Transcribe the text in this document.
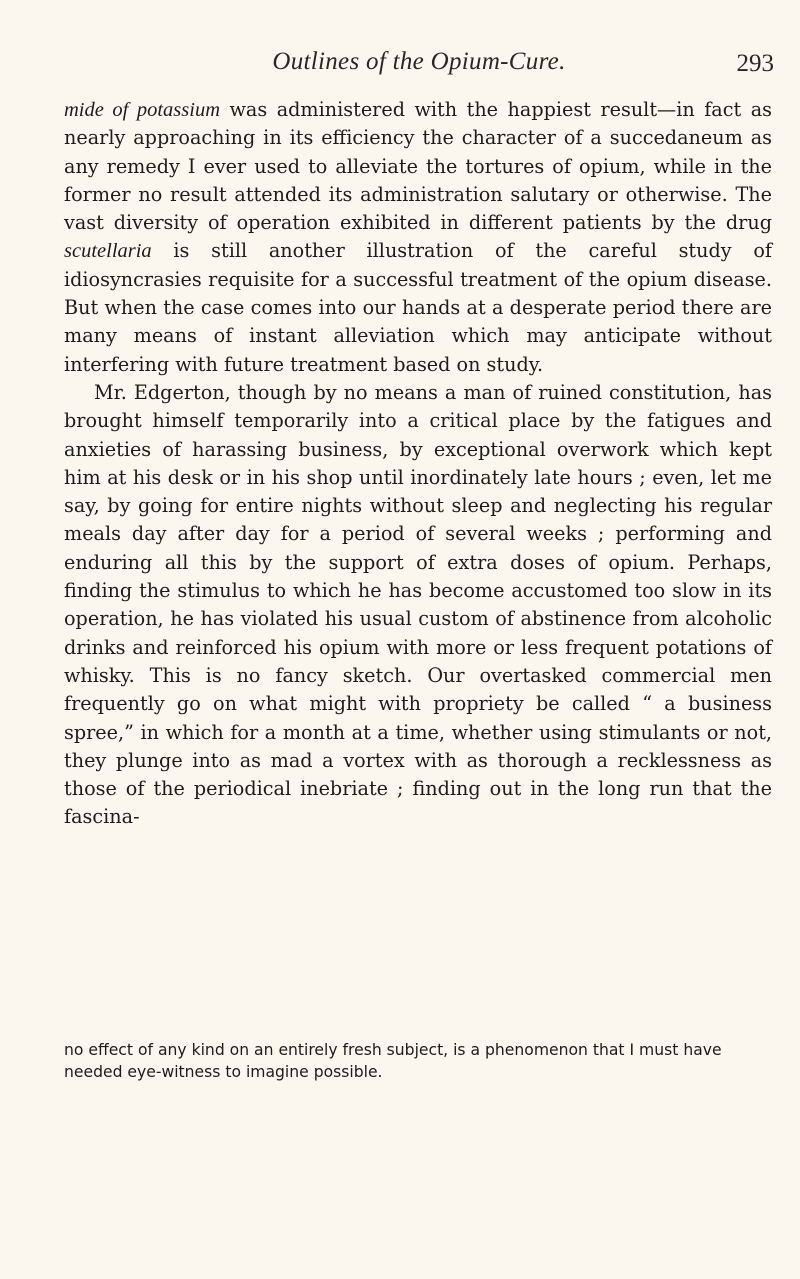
Outlines of the Opium-Cure.	293

mide of potassium was administered with the happiest result—in fact as nearly approaching in its efficiency the character of a succedaneum as any remedy I ever used to alleviate the tortures of opium, while in the former no result attended its administration salutary or otherwise. The vast diversity of operation exhibited in different patients by the drug scutellaria is still another illustration of the careful study of idiosyncrasies requisite for a successful treatment of the opium disease. But when the case comes into our hands at a desperate period there are many means of instant alleviation which may anticipate without interfering with future treatment based on study.

Mr. Edgerton, though by no means a man of ruined constitution, has brought himself temporarily into a critical place by the fatigues and anxieties of harassing business, by exceptional overwork which kept him at his desk or in his shop until inordinately late hours ; even, let me say, by going for entire nights without sleep and neglecting his regular meals day after day for a period of several weeks ; performing and enduring all this by the support of extra doses of opium. Perhaps, finding the stimulus to which he has become accustomed too slow in its operation, he has violated his usual custom of abstinence from alcoholic drinks and reinforced his opium with more or less frequent potations of whisky. This is no fancy sketch. Our overtasked commercial men frequently go on what might with propriety be called “ a business spree,” in which for a month at a time, whether using stimulants or not, they plunge into as mad a vortex with as thorough a recklessness as those of the periodical inebriate ; finding out in the long run that the fascina-

no effect of any kind on an entirely fresh subject, is a phenomenon that I must have needed eye-witness to imagine possible.
